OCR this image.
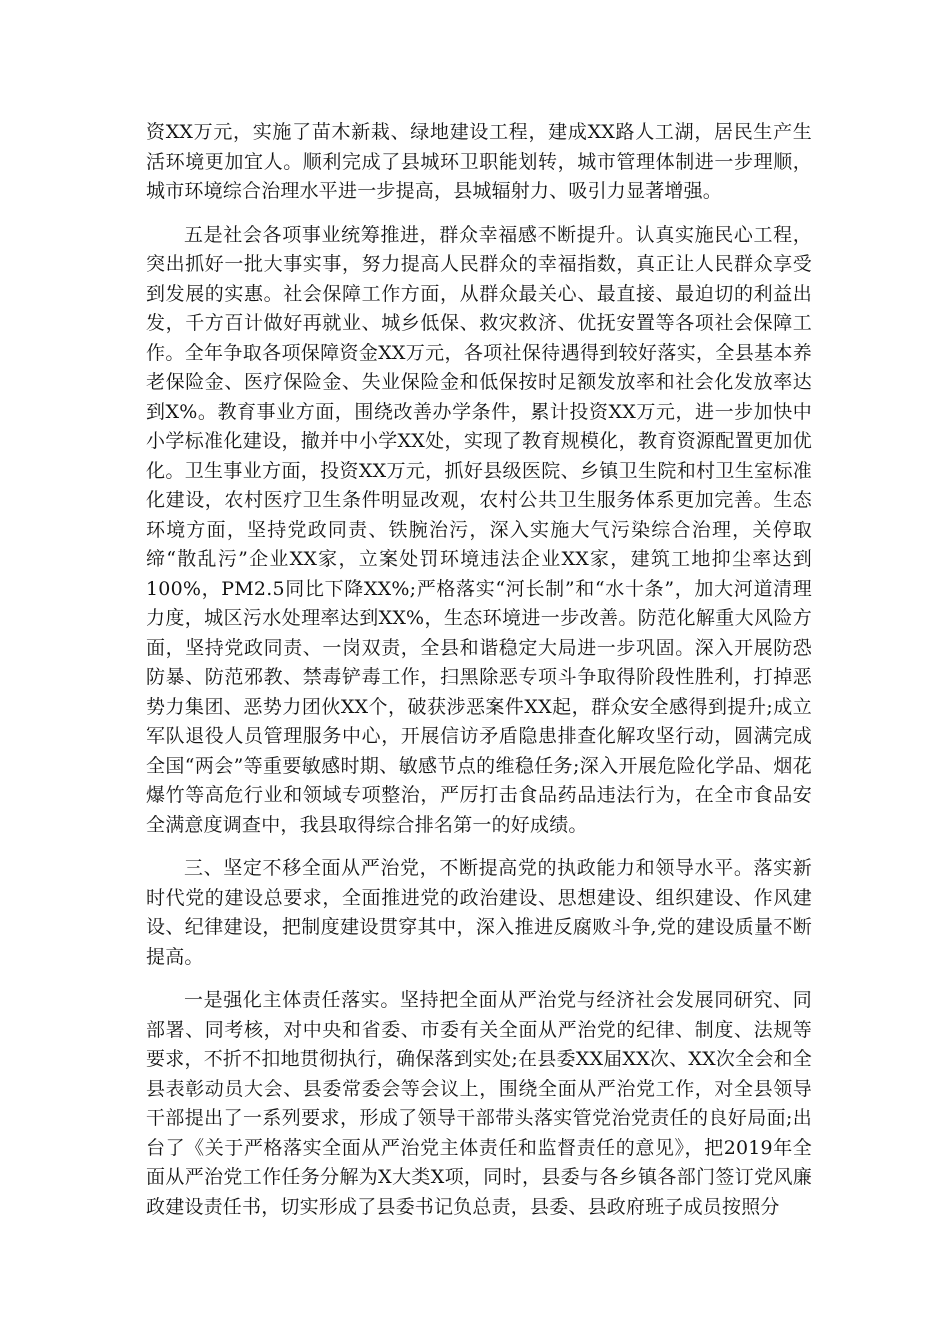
资XX万元，实施了苗木新栽、绿地建设工程，建成XX路人工湖，居民生产生活环境更加宜人。顺利完成了县城环卫职能划转，城市管理体制进一步理顺，城市环境综合治理水平进一步提高，县城辐射力、吸引力显著增强。

五是社会各项事业统筹推进，群众幸福感不断提升。认真实施民心工程，突出抓好一批大事实事，努力提高人民群众的幸福指数，真正让人民群众享受到发展的实惠。社会保障工作方面，从群众最关心、最直接、最迫切的利益出发，千方百计做好再就业、城乡低保、救灾救济、优抚安置等各项社会保障工作。全年争取各项保障资金XX万元，各项社保待遇得到较好落实，全县基本养老保险金、医疗保险金、失业保险金和低保按时足额发放率和社会化发放率达到X%。教育事业方面，围绕改善办学条件，累计投资XX万元，进一步加快中小学标准化建设，撤并中小学XX处，实现了教育规模化，教育资源配置更加优化。卫生事业方面，投资XX万元，抓好县级医院、乡镇卫生院和村卫生室标准化建设，农村医疗卫生条件明显改观，农村公共卫生服务体系更加完善。生态环境方面，坚持党政同责、铁腕治污，深入实施大气污染综合治理，关停取缔“散乱污”企业XX家，立案处罚环境违法企业XX家，建筑工地抑尘率达到100%，PM2.5同比下降XX%;严格落实“河长制”和“水十条”，加大河道清理力度，城区污水处理率达到XX%，生态环境进一步改善。防范化解重大风险方面，坚持党政同责、一岗双责，全县和谐稳定大局进一步巩固。深入开展防恐防暴、防范邪教、禁毒铲毒工作，扫黑除恶专项斗争取得阶段性胜利，打掉恶势力集团、恶势力团伙XX个，破获涉恶案件XX起，群众安全感得到提升;成立军队退役人员管理服务中心，开展信访矛盾隐患排查化解攻坚行动，圆满完成全国“两会”等重要敏感时期、敏感节点的维稳任务;深入开展危险化学品、烟花爆竹等高危行业和领域专项整治，严厉打击食品药品违法行为，在全市食品安全满意度调查中，我县取得综合排名第一的好成绩。

三、坚定不移全面从严治党，不断提高党的执政能力和领导水平。落实新时代党的建设总要求，全面推进党的政治建设、思想建设、组织建设、作风建设、纪律建设，把制度建设贯穿其中，深入推进反腐败斗争,党的建设质量不断提高。

一是强化主体责任落实。坚持把全面从严治党与经济社会发展同研究、同部署、同考核，对中央和省委、市委有关全面从严治党的纪律、制度、法规等要求，不折不扣地贯彻执行，确保落到实处;在县委XX届XX次、XX次全会和全县表彰动员大会、县委常委会等会议上，围绕全面从严治党工作，对全县领导干部提出了一系列要求，形成了领导干部带头落实管党治党责任的良好局面;出台了《关于严格落实全面从严治党主体责任和监督责任的意见》，把2019年全面从严治党工作任务分解为X大类X项，同时，县委与各乡镇各部门签订党风廉政建设责任书，切实形成了县委书记负总责，县委、县政府班子成员按照分
